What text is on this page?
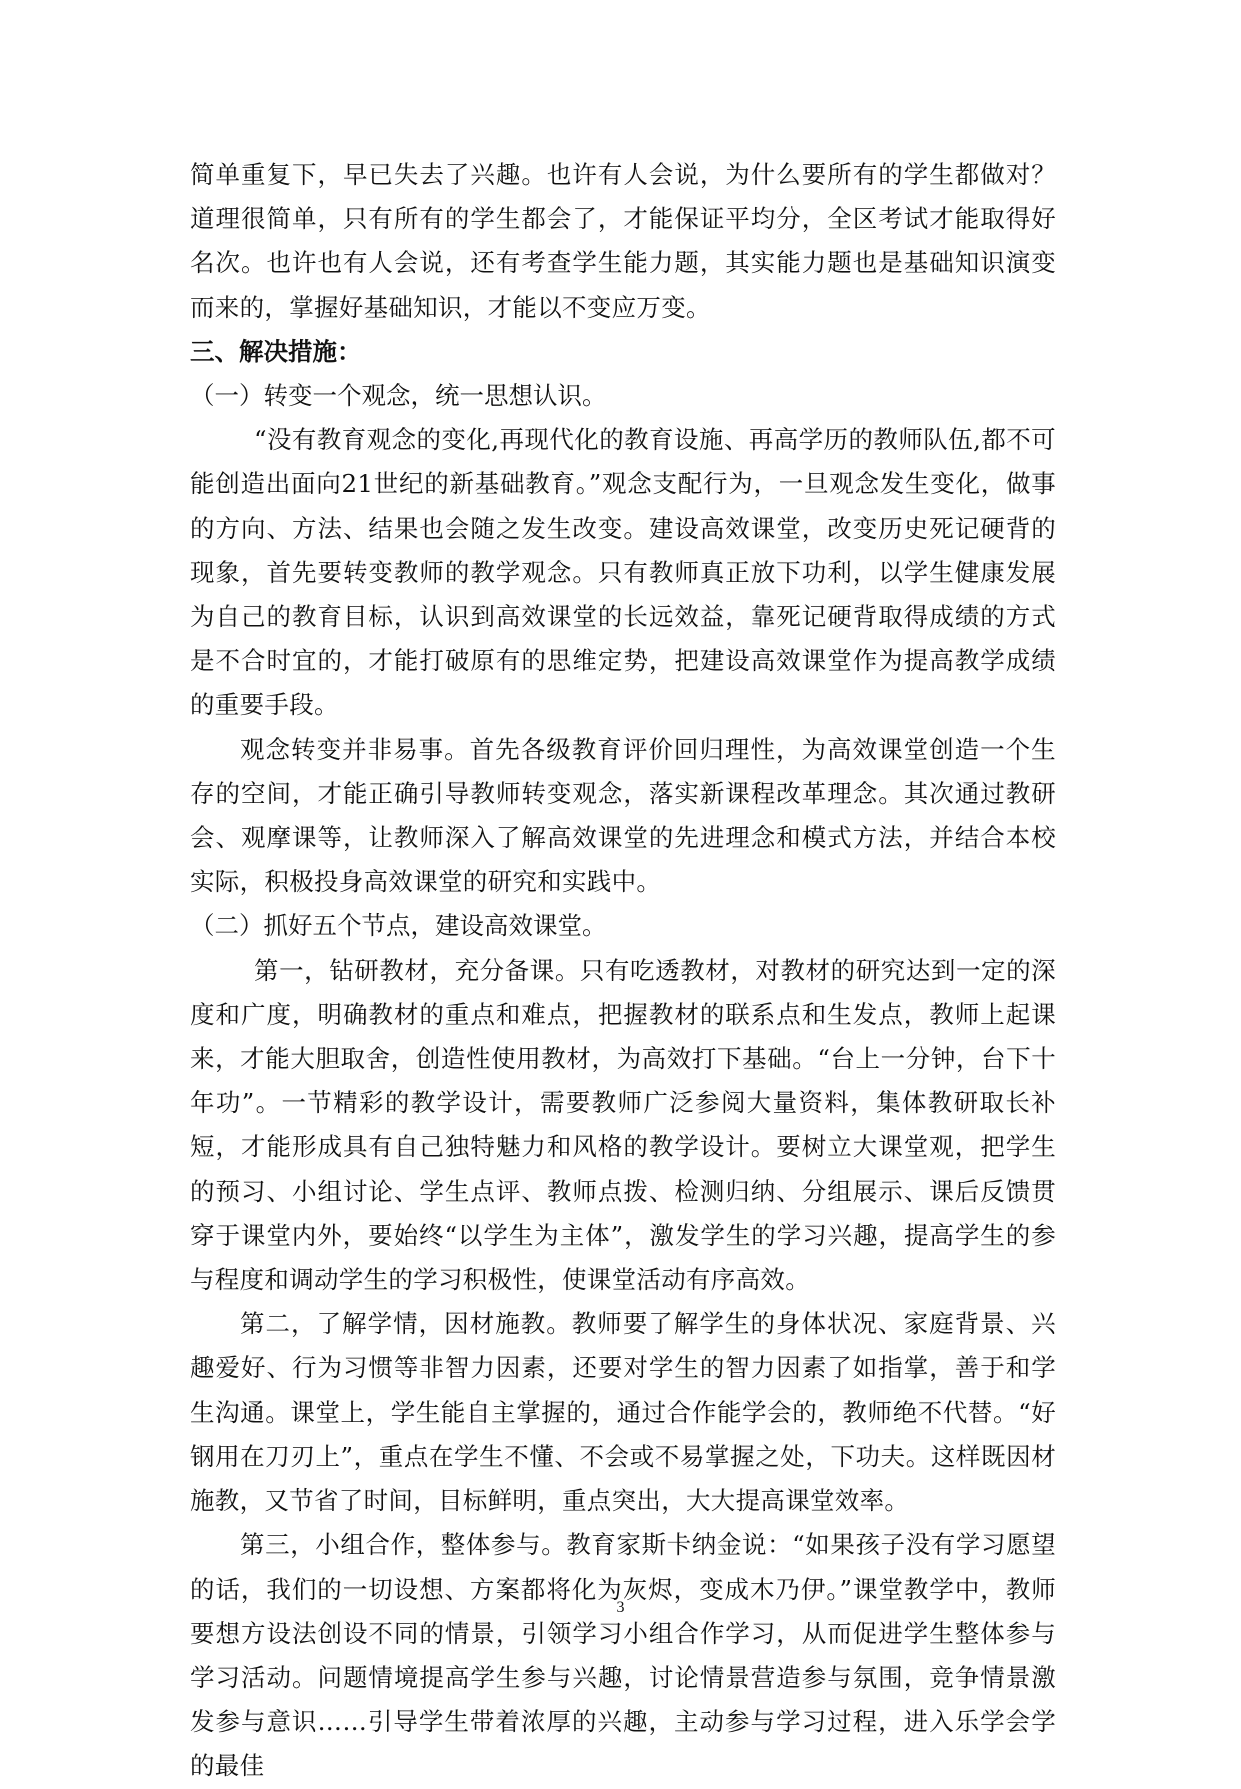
简单重复下，早已失去了兴趣。也许有人会说，为什么要所有的学生都做对？道理很简单，只有所有的学生都会了，才能保证平均分，全区考试才能取得好名次。也许也有人会说，还有考查学生能力题，其实能力题也是基础知识演变而来的，掌握好基础知识，才能以不变应万变。

三、解决措施：

（一）转变一个观念，统一思想认识。

“没有教育观念的变化,再现代化的教育设施、再高学历的教师队伍,都不可能创造出面向21世纪的新基础教育。”观念支配行为，一旦观念发生变化，做事的方向、方法、结果也会随之发生改变。建设高效课堂，改变历史死记硬背的现象，首先要转变教师的教学观念。只有教师真正放下功利，以学生健康发展为自己的教育目标，认识到高效课堂的长远效益，靠死记硬背取得成绩的方式是不合时宜的，才能打破原有的思维定势，把建设高效课堂作为提高教学成绩的重要手段。

观念转变并非易事。首先各级教育评价回归理性，为高效课堂创造一个生存的空间，才能正确引导教师转变观念，落实新课程改革理念。其次通过教研会、观摩课等，让教师深入了解高效课堂的先进理念和模式方法，并结合本校实际，积极投身高效课堂的研究和实践中。

（二）抓好五个节点，建设高效课堂。

第一，钻研教材，充分备课。只有吃透教材，对教材的研究达到一定的深度和广度，明确教材的重点和难点，把握教材的联系点和生发点，教师上起课来，才能大胆取舍，创造性使用教材，为高效打下基础。“台上一分钟，台下十年功”。一节精彩的教学设计，需要教师广泛参阅大量资料，集体教研取长补短，才能形成具有自己独特魅力和风格的教学设计。要树立大课堂观，把学生的预习、小组讨论、学生点评、教师点拨、检测归纳、分组展示、课后反馈贯穿于课堂内外，要始终“以学生为主体”，激发学生的学习兴趣，提高学生的参与程度和调动学生的学习积极性，使课堂活动有序高效。

第二，了解学情，因材施教。教师要了解学生的身体状况、家庭背景、兴趣爱好、行为习惯等非智力因素，还要对学生的智力因素了如指掌，善于和学生沟通。课堂上，学生能自主掌握的，通过合作能学会的，教师绝不代替。“好钢用在刀刃上”，重点在学生不懂、不会或不易掌握之处，下功夫。这样既因材施教，又节省了时间，目标鲜明，重点突出，大大提高课堂效率。

第三，小组合作，整体参与。教育家斯卡纳金说：“如果孩子没有学习愿望的话，我们的一切设想、方案都将化为灰烬，变成木乃伊。”课堂教学中，教师要想方设法创设不同的情景，引领学习小组合作学习，从而促进学生整体参与学习活动。问题情境提高学生参与兴趣，讨论情景营造参与氛围，竞争情景激发参与意识……引导学生带着浓厚的兴趣，主动参与学习过程，进入乐学会学的最佳

3
